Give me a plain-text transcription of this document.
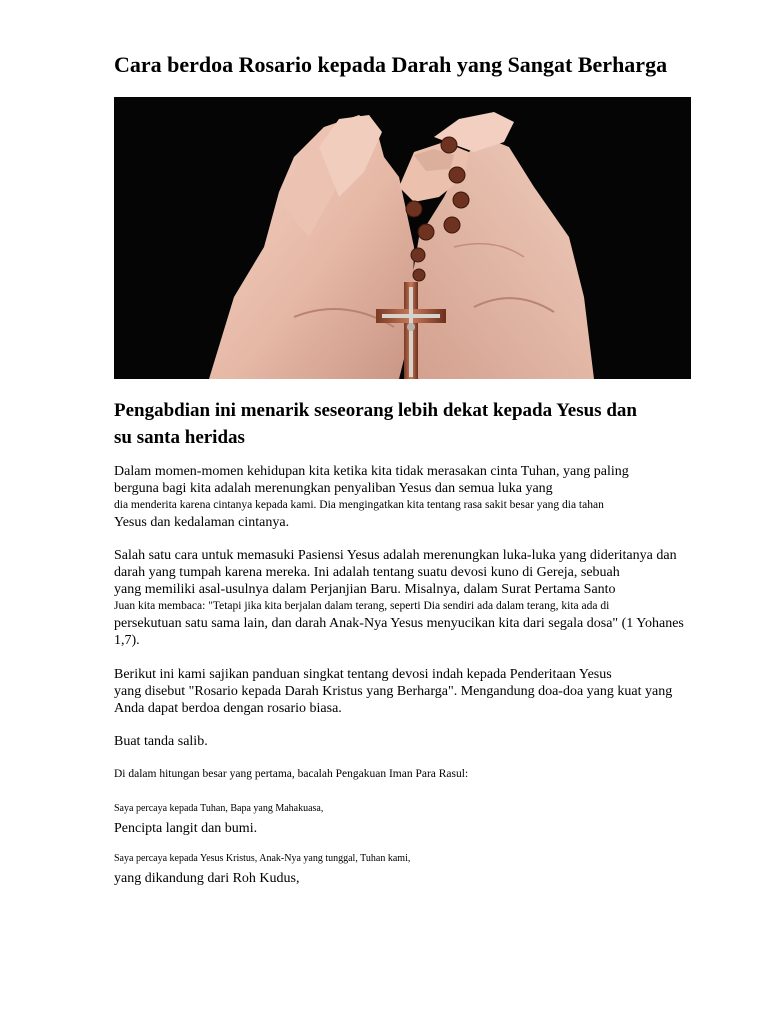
Cara berdoa Rosario kepada Darah yang Sangat Berharga
Pengabdian ini menarik seseorang lebih dekat kepada Yesus dan
su santa heridas
Dalam momen-momen kehidupan kita ketika kita tidak merasakan cinta Tuhan, yang paling
berguna bagi kita adalah merenungkan penyaliban Yesus dan semua luka yang
dia menderita karena cintanya kepada kami. Dia mengingatkan kita tentang rasa sakit besar yang dia tahan
Yesus dan kedalaman cintanya.
Salah satu cara untuk memasuki Pasiensi Yesus adalah merenungkan luka-luka yang dideritanya dan
darah yang tumpah karena mereka. Ini adalah tentang suatu devosi kuno di Gereja, sebuah
yang memiliki asal-usulnya dalam Perjanjian Baru. Misalnya, dalam Surat Pertama Santo
Juan kita membaca: "Tetapi jika kita berjalan dalam terang, seperti Dia sendiri ada dalam terang, kita ada di
persekutuan satu sama lain, dan darah Anak-Nya Yesus menyucikan kita dari segala dosa" (1 Yohanes
1,7).
Berikut ini kami sajikan panduan singkat tentang devosi indah kepada Penderitaan Yesus
yang disebut "Rosario kepada Darah Kristus yang Berharga". Mengandung doa-doa yang kuat yang
Anda dapat berdoa dengan rosario biasa.
Buat tanda salib.
Di dalam hitungan besar yang pertama, bacalah Pengakuan Iman Para Rasul:
Saya percaya kepada Tuhan, Bapa yang Mahakuasa,
Pencipta langit dan bumi.
Saya percaya kepada Yesus Kristus, Anak-Nya yang tunggal, Tuhan kami,
yang dikandung dari Roh Kudus,
